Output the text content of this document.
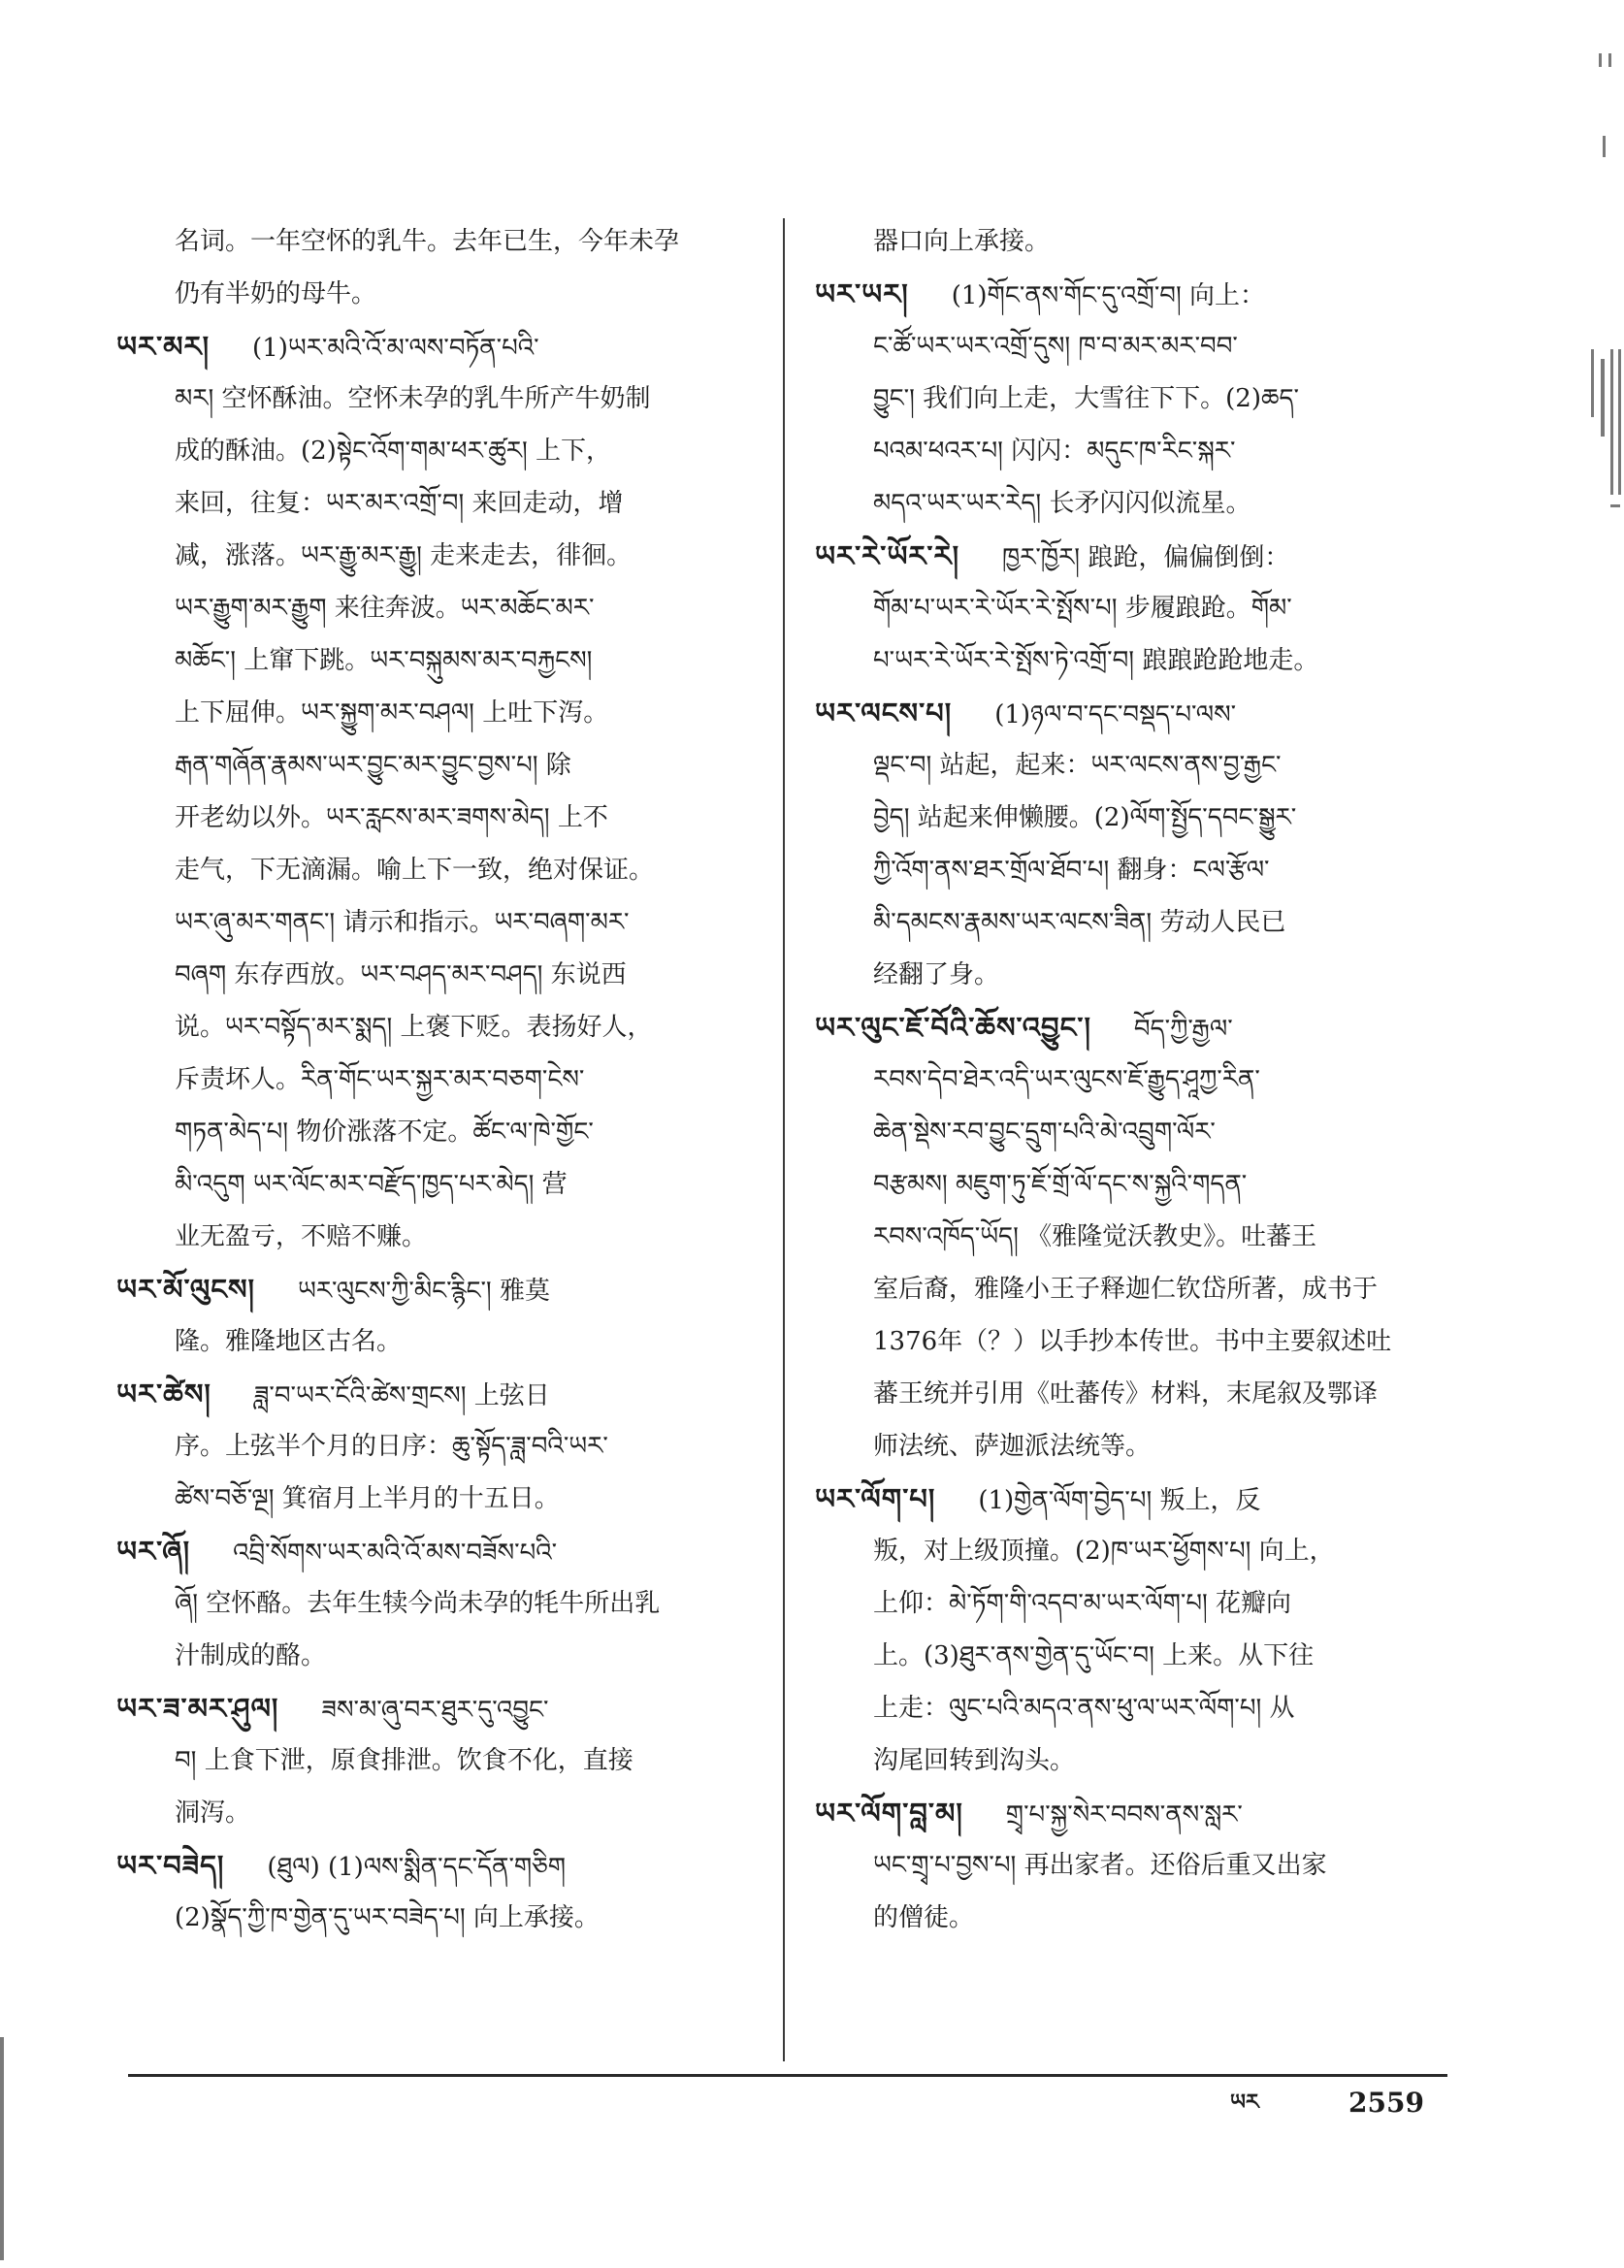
名词。一年空怀的乳牛。去年已生，今年未孕
仍有半奶的母牛。
ཡར་མར། (1)ཡར་མའི་འོ་མ་ལས་བཏོན་པའི་
མར། 空怀酥油。空怀未孕的乳牛所产牛奶制
成的酥油。(2)སྟེང་འོག་གམ་ཕར་ཚུར། 上下，
来回，往复：ཡར་མར་འགྲོ་བ། 来回走动，增
减，涨落。ཡར་རྒྱུ་མར་རྒྱུ། 走来走去，徘徊。
ཡར་རྒྱུག་མར་རྒྱུག 来往奔波。ཡར་མཆོང་མར་
མཆོང་། 上窜下跳。ཡར་བསྐུམས་མར་བརྐྱངས།
上下屈伸。ཡར་སྐྱུག་མར་བཤལ། 上吐下泻。
རྒན་གཞོན་རྣམས་ཡར་བྱུང་མར་བྱུང་བྱས་པ། 除
开老幼以外。ཡར་རླངས་མར་ཟགས་མེད། 上不
走气，下无滴漏。喻上下一致，绝对保证。
ཡར་ཞུ་མར་གནང་། 请示和指示。ཡར་བཞག་མར་
བཞག 东存西放。ཡར་བཤད་མར་བཤད། 东说西
说。ཡར་བསྟོད་མར་སྨད། 上褒下贬。表扬好人，
斥责坏人。རིན་གོང་ཡར་སྐྱར་མར་བཅག་ངེས་
གཏན་མེད་པ། 物价涨落不定。ཚོང་ལ་ཁེ་གྱོང་
མི་འདུག ཡར་ལོང་མར་བརྫོད་ཁྱད་པར་མེད། 营
业无盈亏，不赔不赚。
ཡར་མོ་ལུངས། ཡར་ལུངས་ཀྱི་མིང་རྙིང་། 雅莫
隆。雅隆地区古名。
ཡར་ཚེས། ཟླ་བ་ཡར་ངོའི་ཚེས་གྲངས། 上弦日
序。上弦半个月的日序：ཆུ་སྟོད་ཟླ་བའི་ཡར་
ཚེས་བཅོ་ལྔ། 箕宿月上半月的十五日。
ཡར་ཞོ། འབྲི་སོགས་ཡར་མའི་འོ་མས་བཟོས་པའི་
ཞོ། 空怀酪。去年生犊今尚未孕的牦牛所出乳
汁制成的酪。
ཡར་ཟ་མར་ཤུལ། ཟས་མ་ཞུ་བར་ཐུར་དུ་འབྱུང་
བ། 上食下泄，原食排泄。饮食不化，直接
洞泻。
ཡར་བཟེད། (ཐུལ) (1)ལས་སྨིན་དང་དོན་གཅིག
(2)སྣོད་ཀྱི་ཁ་གྱེན་དུ་ཡར་བཟེད་པ། 向上承接。
器口向上承接。
ཡར་ཡར། (1)གོང་ནས་གོང་དུ་འགྲོ་བ། 向上：
ང་ཚོ་ཡར་ཡར་འགྲོ་དུས། ཁ་བ་མར་མར་བབ་
བྱུང་། 我们向上走，大雪往下下。(2)ཆད་
པའམ་ཕའར་པ། 闪闪：མདུང་ཁ་རིང་སྐར་
མདའ་ཡར་ཡར་རེད། 长矛闪闪似流星。
ཡར་རེ་ཡོར་རེ། ཁྱར་ཁྱོར། 踉跄，偏偏倒倒：
གོམ་པ་ཡར་རེ་ཡོར་རེ་སྤོས་པ། 步履踉跄。གོམ་
པ་ཡར་རེ་ཡོར་རེ་སྤོས་ཏེ་འགྲོ་བ། 踉踉跄跄地走。
ཡར་ལངས་པ། (1)ཉལ་བ་དང་བསྡད་པ་ལས་
ལྡང་བ། 站起，起来：ཡར་ལངས་ནས་བྱ་རྒྱང་
བྱེད། 站起来伸懒腰。(2)ལོག་སྤྱོད་དབང་སྒྱུར་
ཀྱི་འོག་ནས་ཐར་གྲོལ་ཐོབ་པ། 翻身：ངལ་རྩོལ་
མི་དམངས་རྣམས་ཡར་ལངས་ཟིན། 劳动人民已
经翻了身。
ཡར་ལུང་ཇོ་བོའི་ཆོས་འབྱུང་། བོད་ཀྱི་རྒྱལ་
རབས་དེབ་ཐེར་འདི་ཡར་ལུངས་ཇོ་རྒྱུད་ཤཱཀྱ་རིན་
ཆེན་སྡེས་རབ་བྱུང་དྲུག་པའི་མེ་འབྲུག་ལོར་
བརྩམས། མཇུག་ཏུ་ཇོ་གྲོ་ལོ་དང་ས་སྐྱའི་གདན་
རབས་འཁོད་ཡོད། 《雅隆觉沃教史》。吐蕃王
室后裔，雅隆小王子释迦仁钦岱所著，成书于
1376年（？）以手抄本传世。书中主要叙述吐
蕃王统并引用《吐蕃传》材料，末尾叙及鄂译
师法统、萨迦派法统等。
ཡར་ལོག་པ། (1)གྱེན་ལོག་བྱེད་པ། 叛上，反
叛，对上级顶撞。(2)ཁ་ཡར་ཕྱོགས་པ། 向上，
上仰：མེ་ཏོག་གི་འདབ་མ་ཡར་ལོག་པ། 花瓣向
上。(3)ཐུར་ནས་གྱེན་དུ་ཡོང་བ། 上来。从下往
上走：ལུང་པའི་མདའ་ནས་ཕུ་ལ་ཡར་ལོག་པ། 从
沟尾回转到沟头。
ཡར་ལོག་བླ་མ། གྲྭ་པ་སྐྱ་སེར་བབས་ནས་སླར་
ཡང་གྲྭ་པ་བྱས་པ། 再出家者。还俗后重又出家
的僧徒。
ཡར	2559
